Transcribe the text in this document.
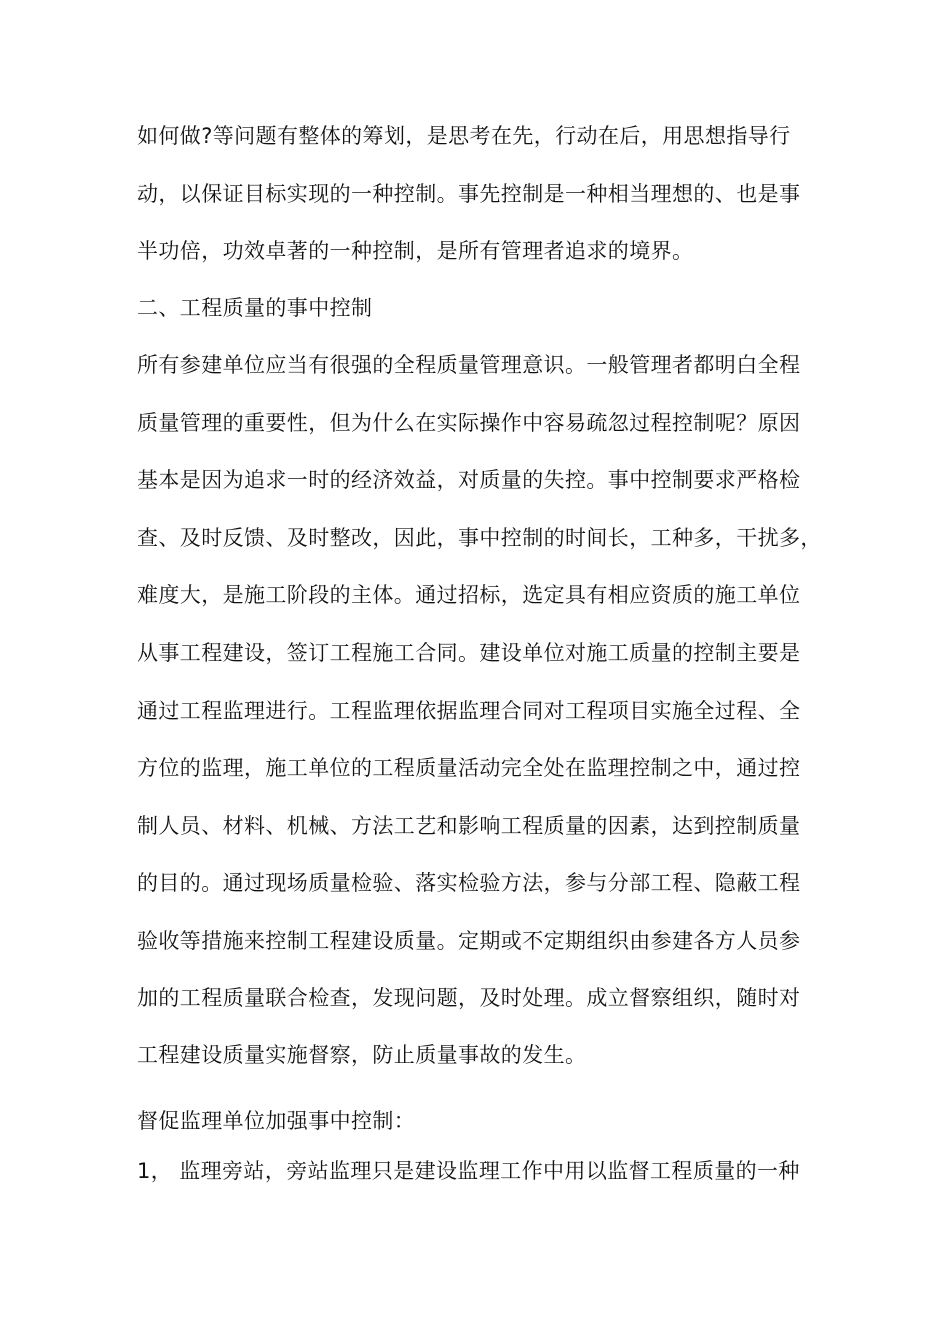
如何做?等问题有整体的筹划，是思考在先，行动在后，用思想指导行
动，以保证目标实现的一种控制。事先控制是一种相当理想的、也是事
半功倍，功效卓著的一种控制，是所有管理者追求的境界。
二、工程质量的事中控制
所有参建单位应当有很强的全程质量管理意识。一般管理者都明白全程
质量管理的重要性，但为什么在实际操作中容易疏忽过程控制呢？原因
基本是因为追求一时的经济效益，对质量的失控。事中控制要求严格检
查、及时反馈、及时整改，因此，事中控制的时间长，工种多，干扰多，
难度大，是施工阶段的主体。通过招标，选定具有相应资质的施工单位
从事工程建设，签订工程施工合同。建设单位对施工质量的控制主要是
通过工程监理进行。工程监理依据监理合同对工程项目实施全过程、全
方位的监理，施工单位的工程质量活动完全处在监理控制之中，通过控
制人员、材料、机械、方法工艺和影响工程质量的因素，达到控制质量
的目的。通过现场质量检验、落实检验方法，参与分部工程、隐蔽工程
验收等措施来控制工程建设质量。定期或不定期组织由参建各方人员参
加的工程质量联合检查，发现问题，及时处理。成立督察组织，随时对
工程建设质量实施督察，防止质量事故的发生。
督促监理单位加强事中控制：
1， 监理旁站，旁站监理只是建设监理工作中用以监督工程质量的一种
